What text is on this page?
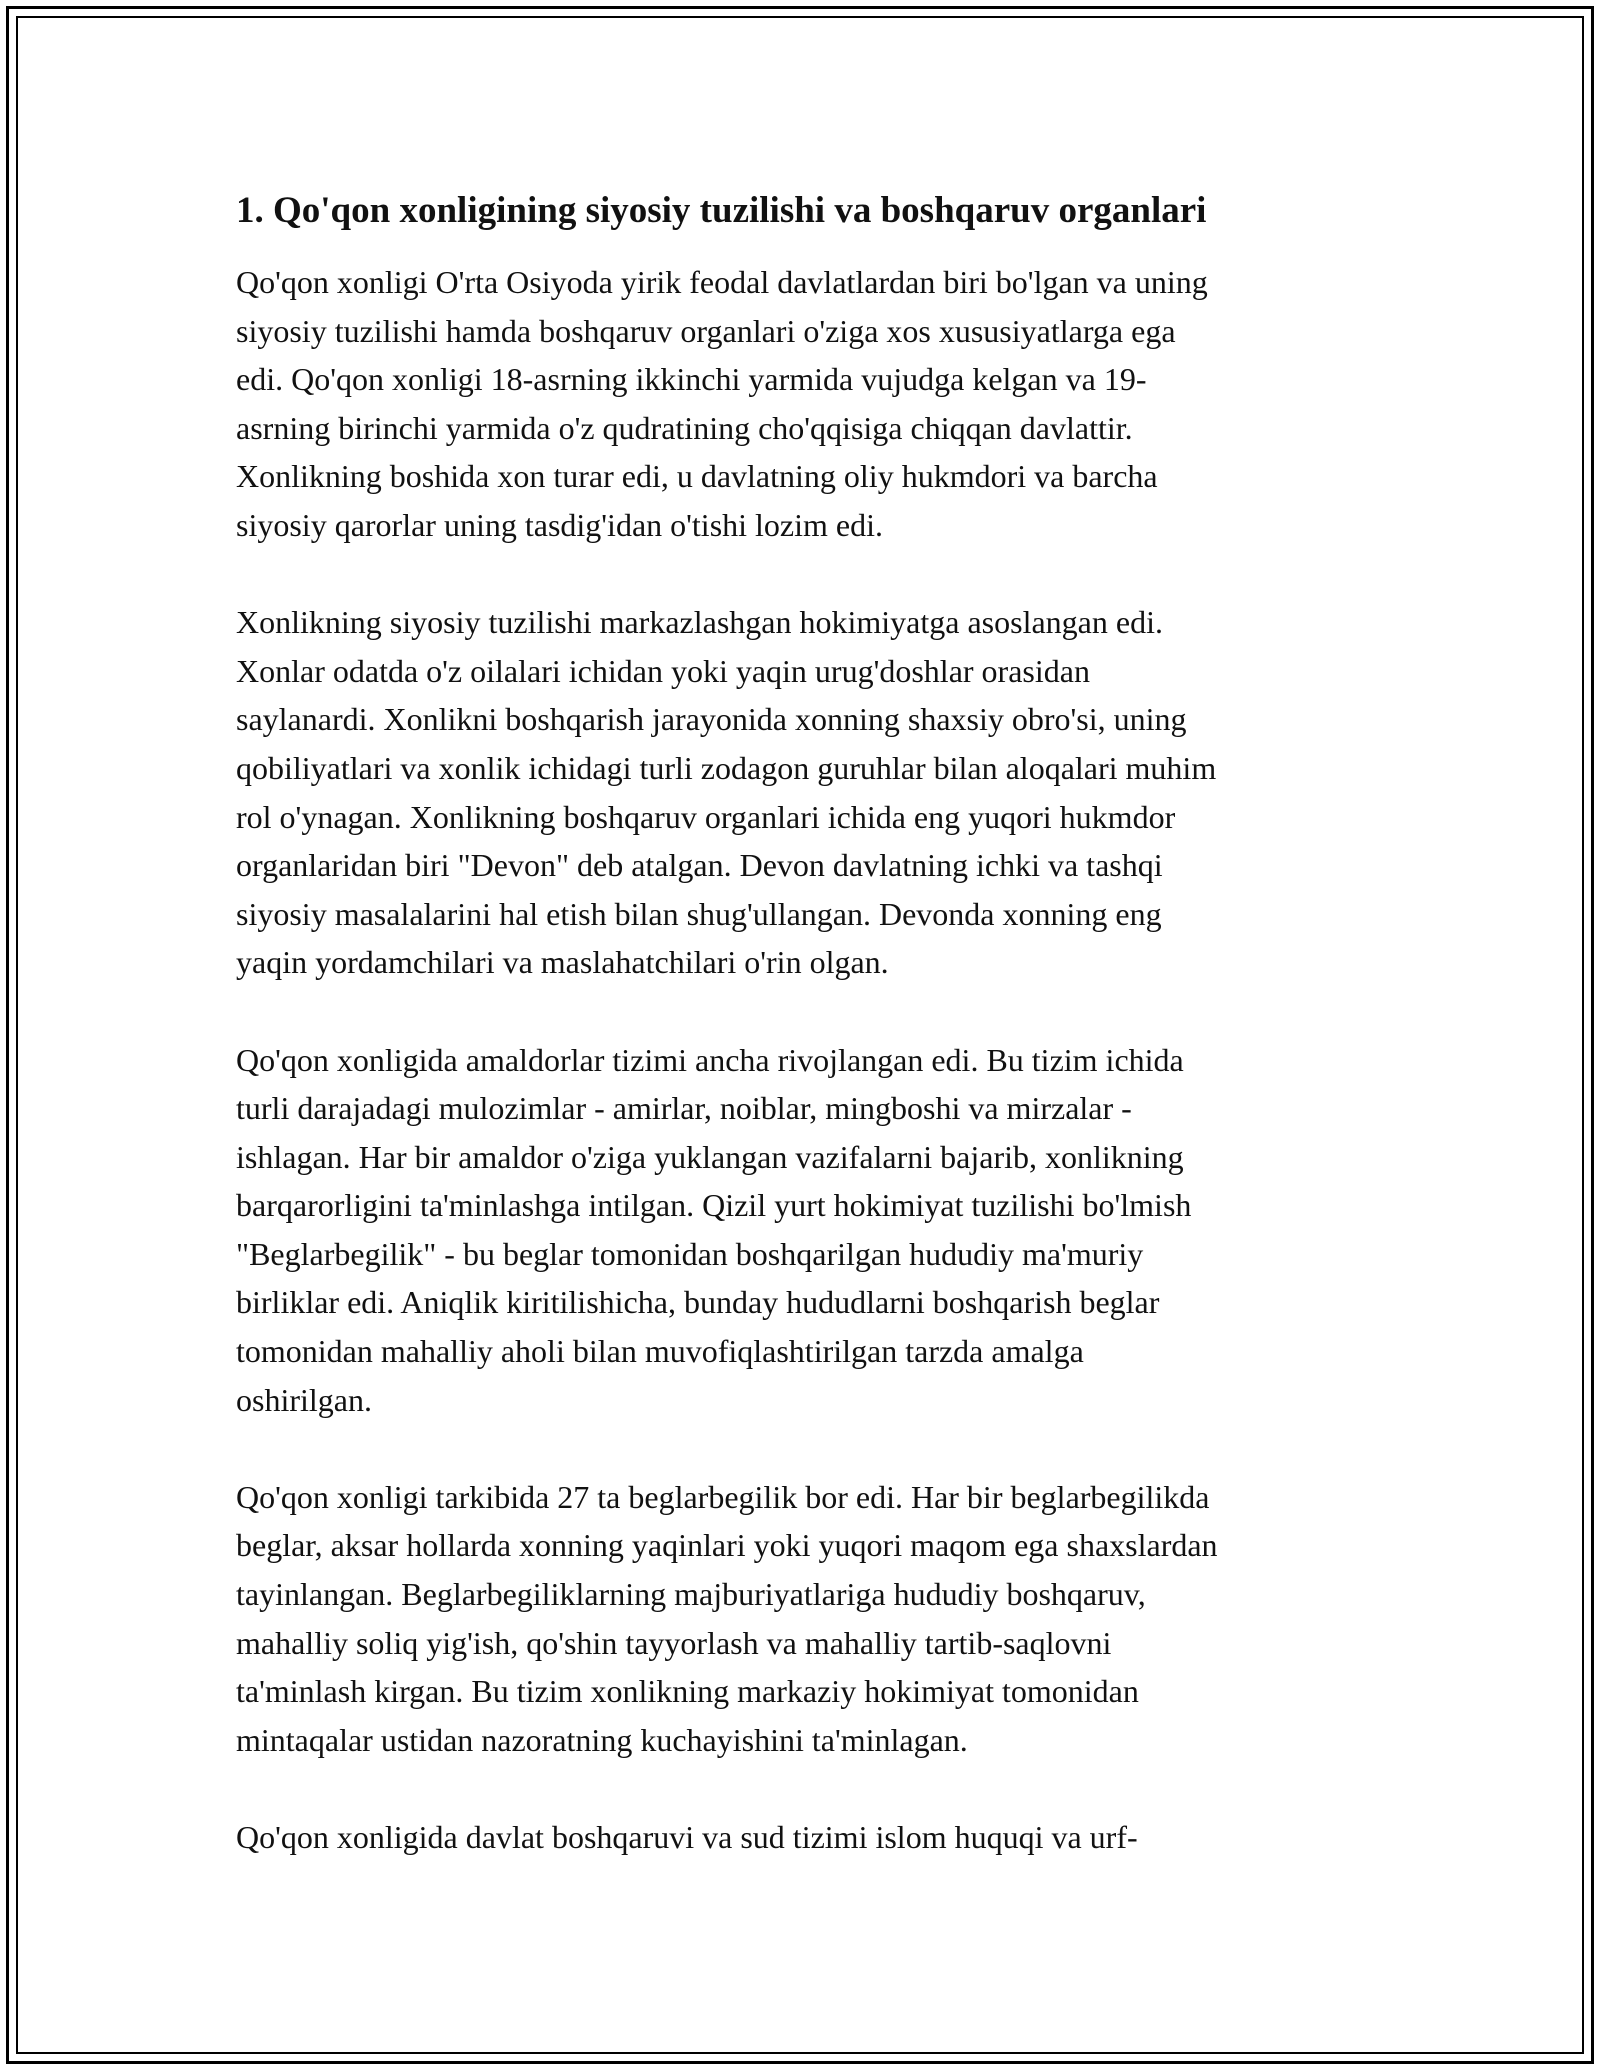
1. Qo'qon xonligining siyosiy tuzilishi va boshqaruv organlari
Qo'qon xonligi O'rta Osiyoda yirik feodal davlatlardan biri bo'lgan va uning
siyosiy tuzilishi hamda boshqaruv organlari o'ziga xos xususiyatlarga ega
edi. Qo'qon xonligi 18-asrning ikkinchi yarmida vujudga kelgan va 19-
asrning birinchi yarmida o'z qudratining cho'qqisiga chiqqan davlattir.
Xonlikning boshida xon turar edi, u davlatning oliy hukmdori va barcha
siyosiy qarorlar uning tasdig'idan o'tishi lozim edi.
Xonlikning siyosiy tuzilishi markazlashgan hokimiyatga asoslangan edi.
Xonlar odatda o'z oilalari ichidan yoki yaqin urug'doshlar orasidan
saylanardi. Xonlikni boshqarish jarayonida xonning shaxsiy obro'si, uning
qobiliyatlari va xonlik ichidagi turli zodagon guruhlar bilan aloqalari muhim
rol o'ynagan. Xonlikning boshqaruv organlari ichida eng yuqori hukmdor
organlaridan biri "Devon" deb atalgan. Devon davlatning ichki va tashqi
siyosiy masalalarini hal etish bilan shug'ullangan. Devonda xonning eng
yaqin yordamchilari va maslahatchilari o'rin olgan.
Qo'qon xonligida amaldorlar tizimi ancha rivojlangan edi. Bu tizim ichida
turli darajadagi mulozimlar - amirlar, noiblar, mingboshi va mirzalar -
ishlagan. Har bir amaldor o'ziga yuklangan vazifalarni bajarib, xonlikning
barqarorligini ta'minlashga intilgan. Qizil yurt hokimiyat tuzilishi bo'lmish
"Beglarbegilik" - bu beglar tomonidan boshqarilgan hududiy ma'muriy
birliklar edi. Aniqlik kiritilishicha, bunday hududlarni boshqarish beglar
tomonidan mahalliy aholi bilan muvofiqlashtirilgan tarzda amalga
oshirilgan.
Qo'qon xonligi tarkibida 27 ta beglarbegilik bor edi. Har bir beglarbegilikda
beglar, aksar hollarda xonning yaqinlari yoki yuqori maqom ega shaxslardan
tayinlangan. Beglarbegiliklarning majburiyatlariga hududiy boshqaruv,
mahalliy soliq yig'ish, qo'shin tayyorlash va mahalliy tartib-saqlovni
ta'minlash kirgan. Bu tizim xonlikning markaziy hokimiyat tomonidan
mintaqalar ustidan nazoratning kuchayishini ta'minlagan.
Qo'qon xonligida davlat boshqaruvi va sud tizimi islom huquqi va urf-
